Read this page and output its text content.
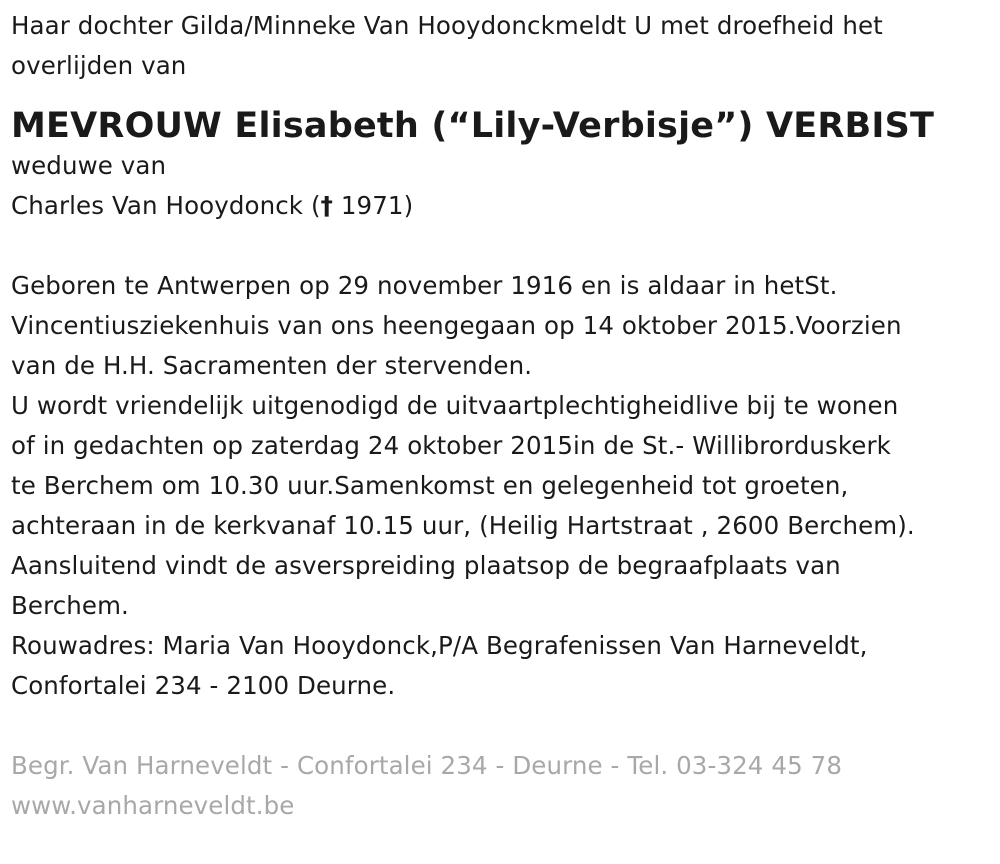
Haar dochter Gilda/Minneke Van Hooydonckmeldt U met droefheid het
overlijden van
MEVROUW Elisabeth (“Lily-Verbisje”) VERBIST
weduwe van
Charles Van Hooydonck († 1971)
Geboren te Antwerpen op 29 november 1916 en is aldaar in hetSt.
Vincentiusziekenhuis van ons heengegaan op 14 oktober 2015.Voorzien
van de H.H. Sacramenten der stervenden.
U wordt vriendelijk uitgenodigd de uitvaartplechtigheidlive bij te wonen
of in gedachten op zaterdag 24 oktober 2015in de St.- Willibrorduskerk
te Berchem om 10.30 uur.Samenkomst en gelegenheid tot groeten,
achteraan in de kerkvanaf 10.15 uur, (Heilig Hartstraat , 2600 Berchem).
Aansluitend vindt de asverspreiding plaatsop de begraafplaats van
Berchem.
Rouwadres: Maria Van Hooydonck,P/A Begrafenissen Van Harneveldt,
Confortalei 234 - 2100 Deurne.
Begr. Van Harneveldt - Confortalei 234 - Deurne - Tel. 03-324 45 78
www.vanharneveldt.be
